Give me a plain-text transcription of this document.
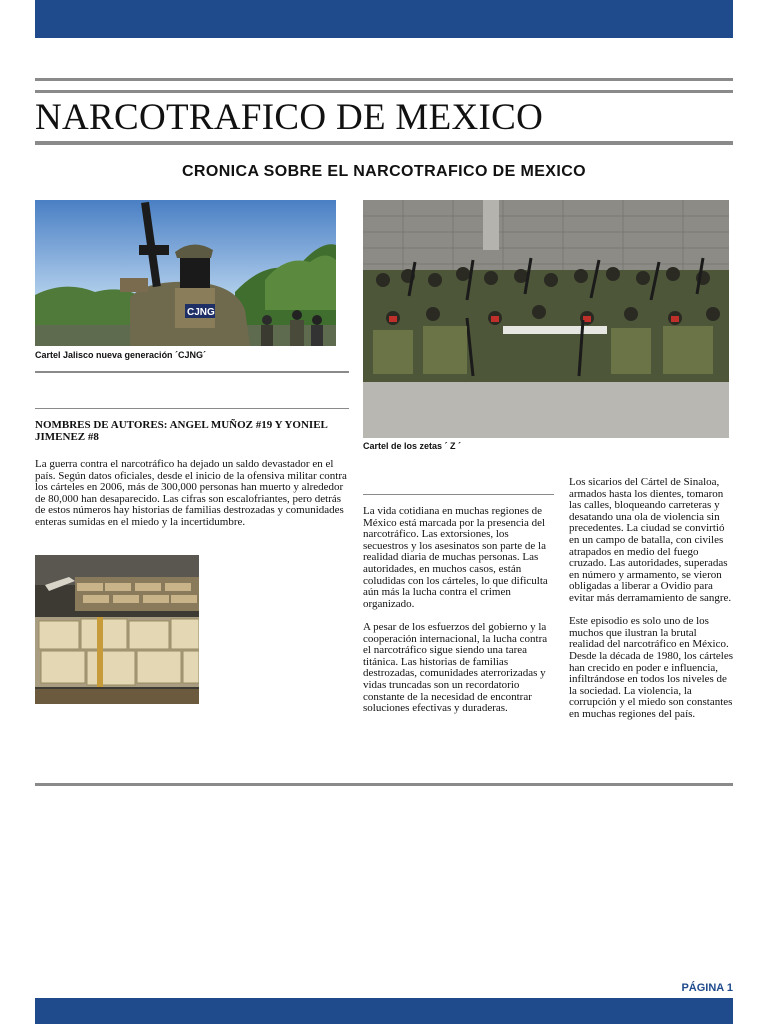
NARCOTRAFICO DE MEXICO
CRONICA SOBRE EL NARCOTRAFICO DE MEXICO
CJNG
Cartel Jalisco nueva generación ´CJNG´
Cartel de los zetas ´ Z ´
NOMBRES DE AUTORES: ANGEL MUÑOZ #19 Y YONIEL JIMENEZ #8

La guerra contra el narcotráfico ha dejado un saldo devastador en el país. Según datos oficiales, desde el inicio de la ofensiva militar contra los cárteles en 2006, más de 300,000 personas han muerto y alrededor de 80,000 han desaparecido. Las cifras son escalofriantes, pero detrás de estos números hay historias de familias destrozadas y comunidades enteras sumidas en el miedo y la incertidumbre.

La vida cotidiana en muchas regiones de México está marcada por la presencia del narcotráfico. Las extorsiones, los secuestros y los asesinatos son parte de la realidad diaria de muchas personas. Las autoridades, en muchos casos, están coludidas con los cárteles, lo que dificulta aún más la lucha contra el crimen organizado.

A pesar de los esfuerzos del gobierno y la cooperación internacional, la lucha contra el narcotráfico sigue siendo una tarea titánica. Las historias de familias destrozadas, comunidades aterrorizadas y vidas truncadas son un recordatorio constante de la necesidad de encontrar soluciones efectivas y duraderas.

Los sicarios del Cártel de Sinaloa, armados hasta los dientes, tomaron las calles, bloqueando carreteras y desatando una ola de violencia sin precedentes. La ciudad se convirtió en un campo de batalla, con civiles atrapados en medio del fuego cruzado. Las autoridades, superadas en número y armamento, se vieron obligadas a liberar a Ovidio para evitar más derramamiento de sangre.

Este episodio es solo uno de los muchos que ilustran la brutal realidad del narcotráfico en México. Desde la década de 1980, los cárteles han crecido en poder e influencia, infiltrándose en todos los niveles de la sociedad. La violencia, la corrupción y el miedo son constantes en muchas regiones del país.

PÁGINA 1
